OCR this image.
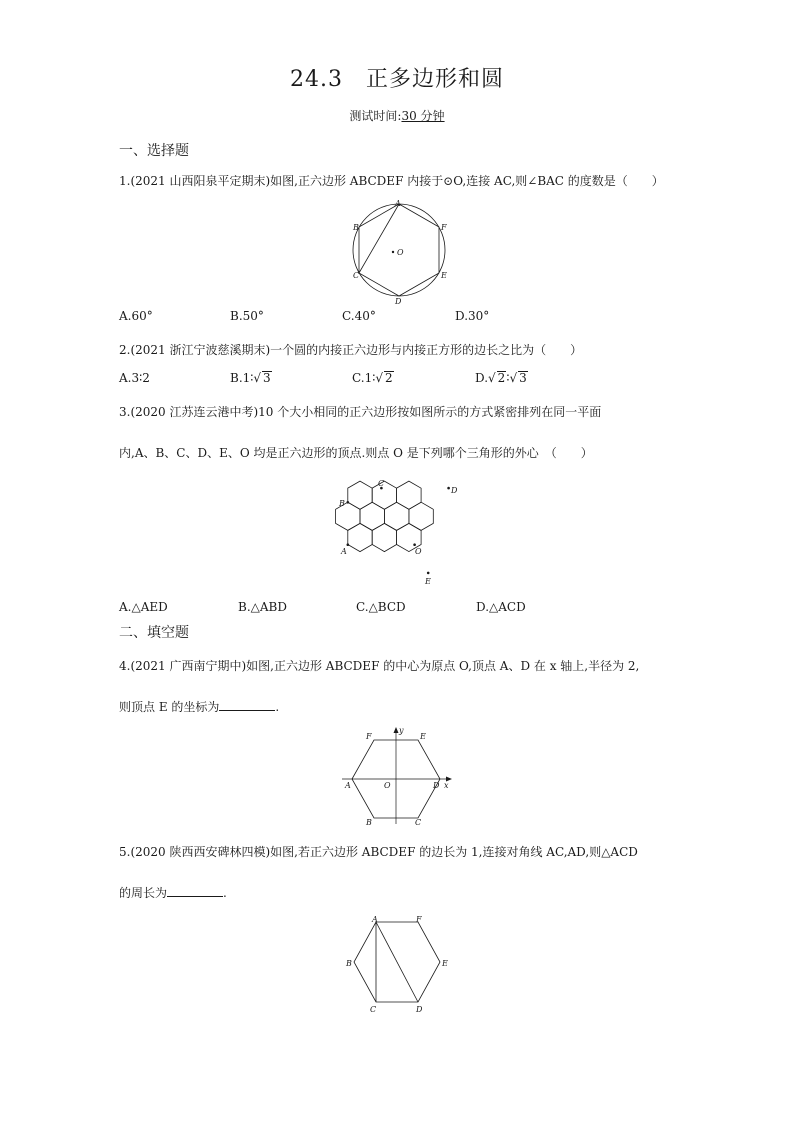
24.3　正多边形和圆
测试时间:30 分钟
一、选择题
1.(2021 山西阳泉平定期末)如图,正六边形 ABCDEF 内接于⊙O,连接 AC,则∠BAC 的度数是（　　）
A
B
C
D
E
F
O
A.60°	B.50°	C.40°	D.30°
2.(2021 浙江宁波慈溪期末)一个圆的内接正六边形与内接正方形的边长之比为（　　）
A.3∶2	B.1∶√ 3	C.1∶√ 2	D.√ 2∶√ 3
3.(2020 江苏连云港中考)10 个大小相同的正六边形按如图所示的方式紧密排列在同一平面
内,A、B、C、D、E、O 均是正六边形的顶点.则点 O 是下列哪个三角形的外心　（　　）
A
B
C
D
E
O
A.△AED	B.△ABD	C.△BCD	D.△ACD
二、填空题
4.(2021 广西南宁期中)如图,正六边形 ABCDEF 的中心为原点 O,顶点 A、D 在 x 轴上,半径为 2,
则顶点 E 的坐标为	.
A
B	C
D
E
F
O	x
y
5.(2020 陕西西安碑林四模)如图,若正六边形 ABCDEF 的边长为 1,连接对角线 AC,AD,则△ACD
的周长为	.
A
B
C	D
E
F
